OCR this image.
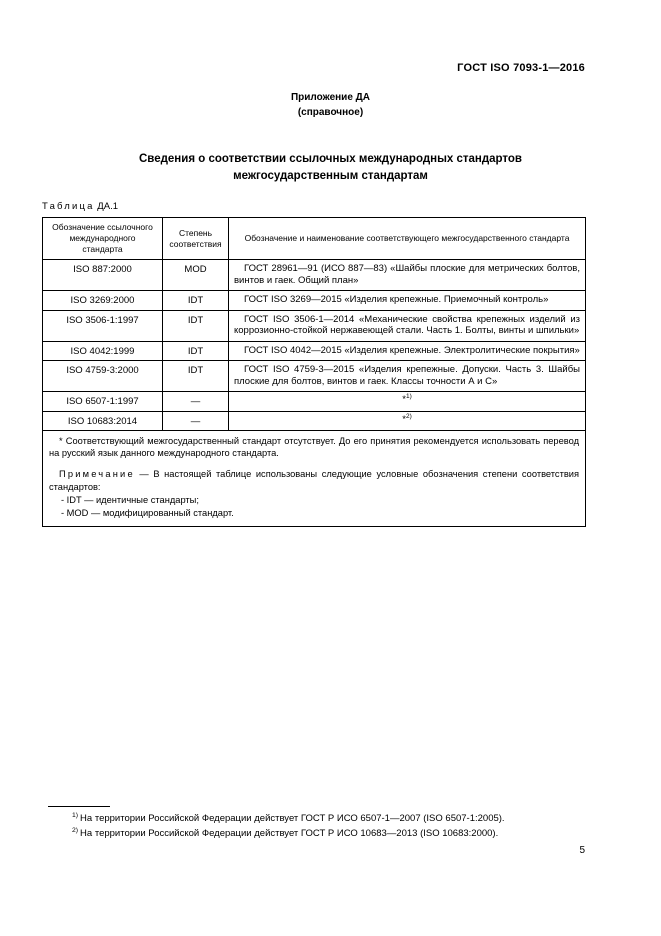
ГОСТ ISO 7093-1—2016
Приложение ДА
(справочное)
Сведения о соответствии ссылочных международных стандартов
межгосударственным стандартам
Таблица ДА.1
Обозначение ссылочного международного стандарта	Степень соответствия	Обозначение и наименование соответствующего межгосударственного стандарта
ISO 887:2000	MOD	ГОСТ 28961—91 (ИСО 887—83) «Шайбы плоские для метрических болтов, винтов и гаек. Общий план»
ISO 3269:2000	IDT	ГОСТ ISO 3269—2015 «Изделия крепежные. Приемочный контроль»
ISO 3506-1:1997	IDT	ГОСТ ISO 3506-1—2014 «Механические свойства крепежных изделий из коррозионно-стойкой нержавеющей стали. Часть 1. Болты, винты и шпильки»
ISO 4042:1999	IDT	ГОСТ ISO 4042—2015 «Изделия крепежные. Электролитические покрытия»
ISO 4759-3:2000	IDT	ГОСТ ISO 4759-3—2015 «Изделия крепежные. Допуски. Часть 3. Шайбы плоские для болтов, винтов и гаек. Классы точности А и С»
ISO 6507-1:1997	—	*$^{1)}$
ISO 10683:2014	—	*$^{2)}$

* Соответствующий межгосударственный стандарт отсутствует. До его принятия рекомендуется использовать перевод на русский язык данного международного стандарта.
Примечание — В настоящей таблице использованы следующие условные обозначения степени соответствия стандартов:
- IDT — идентичные стандарты;
- MOD — модифицированный стандарт.		
$^{1)}$ На территории Российской Федерации действует ГОСТ Р ИСО 6507-1—2007 (ISO 6507-1:2005).
$^{2)}$ На территории Российской Федерации действует ГОСТ Р ИСО 10683—2013 (ISO 10683:2000).
5
